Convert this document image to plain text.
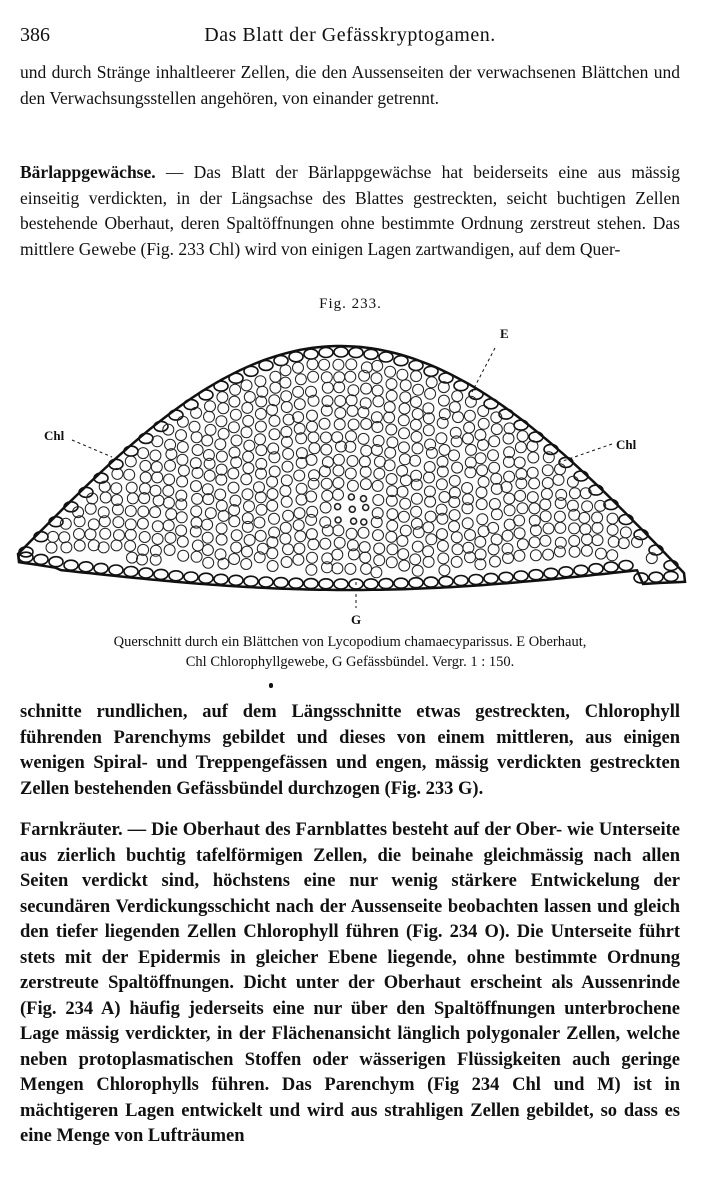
386	Das Blatt der Gefässkryptogamen.

und durch Stränge inhaltleerer Zellen, die den Aussenseiten der verwachsenen Blättchen und den Verwachsungsstellen angehören, von einander getrennt.

Bärlappgewächse. — Das Blatt der Bärlappgewächse hat beiderseits eine aus mässig einseitig verdickten, in der Längsachse des Blattes gestreckten, seicht buchtigen Zellen bestehende Oberhaut, deren Spaltöffnungen ohne bestimmte Ordnung zerstreut stehen. Das mittlere Gewebe (Fig. 233 Chl) wird von einigen Lagen zartwandigen, auf dem Quer-

Fig. 233.
E
Chl
Chl
G
Querschnitt durch ein Blättchen von Lycopodium chamaecyparissus. E Oberhaut,
Chl Chlorophyllgewebe, G Gefässbündel. Vergr. 1 : 150.

schnitte rundlichen, auf dem Längsschnitte etwas gestreckten, Chlorophyll führenden Parenchyms gebildet und dieses von einem mittleren, aus einigen wenigen Spiral- und Treppengefässen und engen, mässig verdickten gestreckten Zellen bestehenden Gefässbündel durchzogen (Fig. 233 G).

Farnkräuter. — Die Oberhaut des Farnblattes besteht auf der Ober- wie Unterseite aus zierlich buchtig tafelförmigen Zellen, die beinahe gleichmässig nach allen Seiten verdickt sind, höchstens eine nur wenig stärkere Entwickelung der secundären Verdickungsschicht nach der Aussenseite beobachten lassen und gleich den tiefer liegenden Zellen Chlorophyll führen (Fig. 234 O). Die Unterseite führt stets mit der Epidermis in gleicher Ebene liegende, ohne bestimmte Ordnung zerstreute Spaltöffnungen. Dicht unter der Oberhaut erscheint als Aussenrinde (Fig. 234 A) häufig jederseits eine nur über den Spaltöffnungen unterbrochene Lage mässig verdickter, in der Flächenansicht länglich polygonaler Zellen, welche neben protoplasmatischen Stoffen oder wässerigen Flüssigkeiten auch geringe Mengen Chlorophylls führen. Das Parenchym (Fig 234 Chl und M) ist in mächtigeren Lagen entwickelt und wird aus strahligen Zellen gebildet, so dass es eine Menge von Lufträumen
